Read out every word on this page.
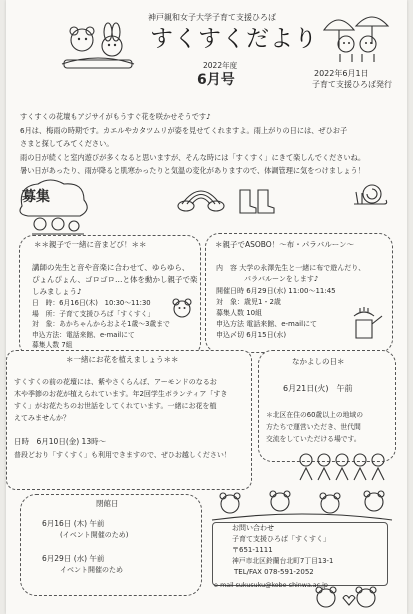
神戸親和女子大学子育て支援ひろば
すくすくだより
2022年度
6月号	2022年6月1日
子育て支援ひろば発行
すくすくの花壇もアジサイがもうすぐ花を咲かせそうです♪
6月は、梅雨の時期です。カエルやカタツムリが姿を見せてくれますよ。雨上がりの日には、ぜひお子
さまと探してみてください。
雨の日が続くと室内遊びが多くなると思いますが、そんな時には「すくすく」にきて楽しんでくださいね。
暑い日があったり、雨が降ると肌寒かったりと気温の変化がありますので、体調管理に気をつけましょう！
募集
＊＊親子で一緒に音まどび！＊＊
講師の先生と音や音楽に合わせて、ゆらゆら、
ぴょんぴょん、ゴロゴロ…と体を動かし親子で楽
しみましょう♪
日　時：6月16日(木)　10:30～11:30
場　所：子育て支援ひろば「すくすく」
対　象：あかちゃんからおよそ1歳～3歳まで
申込方法：電話来館、e-mailにて
募集人数 7組
＊親子でASOBO！～布・パラバルーン～
内　容 大学の永澤先生と一緒に布で遊んだり、
　　　　パラバルーンをします♪
開催日時 6月29日(水) 11:00～11:45
対　象：歳児1・2歳
募集人数 10組
申込方法 電話来館、e-mailにて
申込〆切 6月15日(水)
＊一緒にお花を植えましょう＊＊
すくすくの前の花壇には、紫やさくらんぼ、アーモンドのなるお
木や季節のお花が植えられています。年2回学生ボランティア「すき
すく」がお花たちのお世話をしてくれています。一緒にお花を植
えてみませんか？
日時　6月10日(金) 13時～
普段どおり「すくすく」も利用できますので、ぜひお越しください！
なかよしの日＊
6月21日(火)　午前
＊北区在住の60歳以上の地域の
方たちで運営いただき、世代間
交流をしていただける場です。
閉館日
6月16日 (木) 午前
(イベント開催のため)
6月29日 (水) 午前
イベント開催のため
お問い合わせ
子育て支援ひろば「すくすく」
〒651-1111
神戸市北区鈴蘭台北町7丁目13-1
TEL/FAX 078-591-2052
e-mail sukusuku@kobe-shinwa.ac.jp
